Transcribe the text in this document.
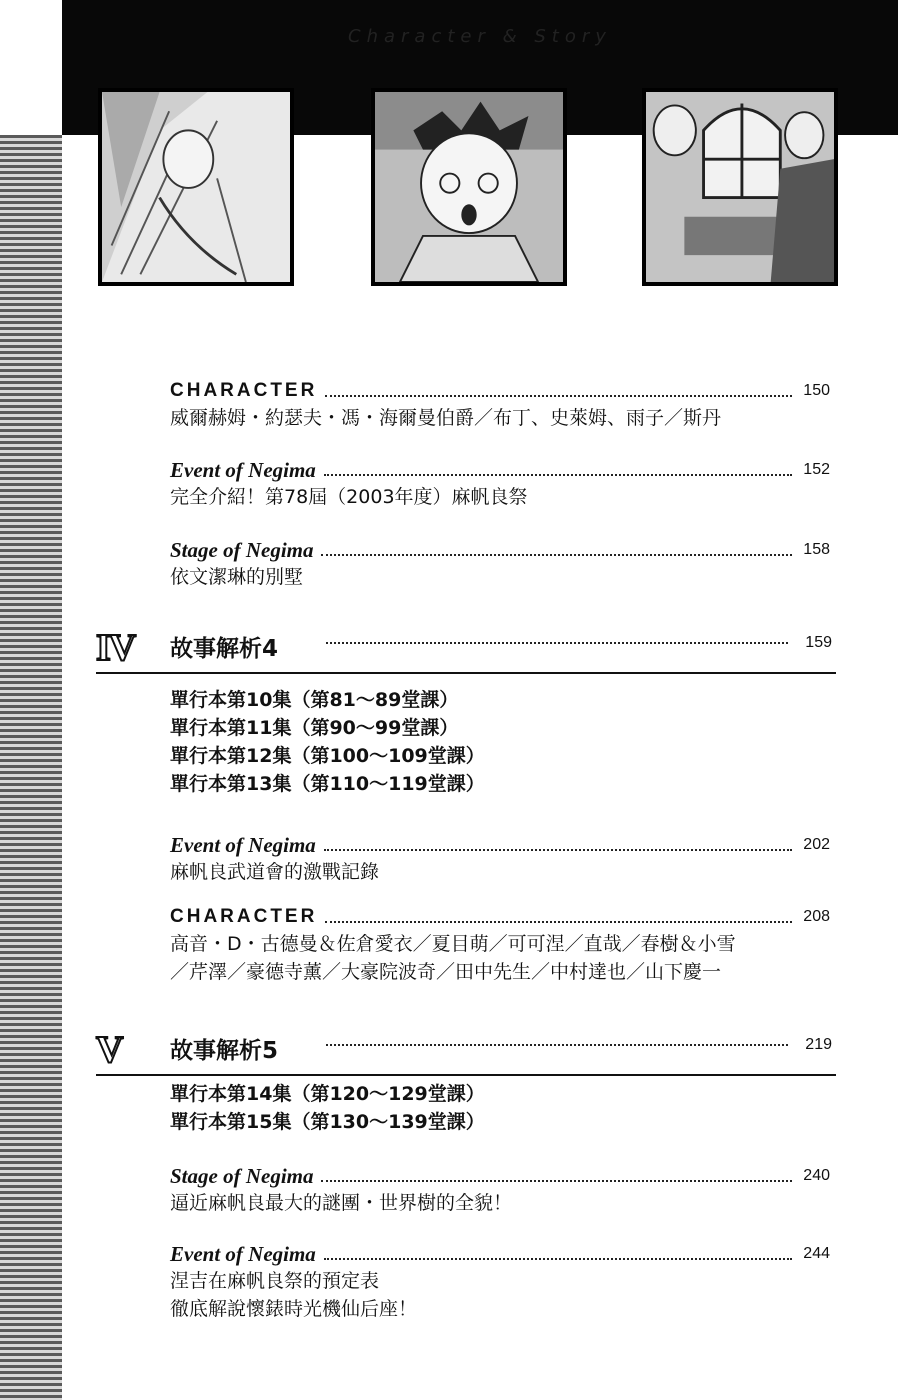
Character & Story
CHARACTER	150
威爾赫姆・約瑟夫・馮・海爾曼伯爵／布丁、史萊姆、雨子／斯丹
Event of Negima	152
完全介紹！第78屆（2003年度）麻帆良祭
Stage of Negima	158
依文潔琳的別墅
IV 故事解析4	159
單行本第10集（第81～89堂課）
單行本第11集（第90～99堂課）
單行本第12集（第100～109堂課）
單行本第13集（第110～119堂課）
Event of Negima	202
麻帆良武道會的激戰記錄
CHARACTER	208
高音・D・古德曼＆佐倉愛衣／夏目萌／可可涅／直哉／春樹＆小雪
／芹澤／豪德寺薰／大豪院波奇／田中先生／中村達也／山下慶一
V 故事解析5	219
單行本第14集（第120～129堂課）
單行本第15集（第130～139堂課）
Stage of Negima	240
逼近麻帆良最大的謎團・世界樹的全貌！
Event of Negima	244
涅吉在麻帆良祭的預定表
徹底解說懷錶時光機仙后座！
